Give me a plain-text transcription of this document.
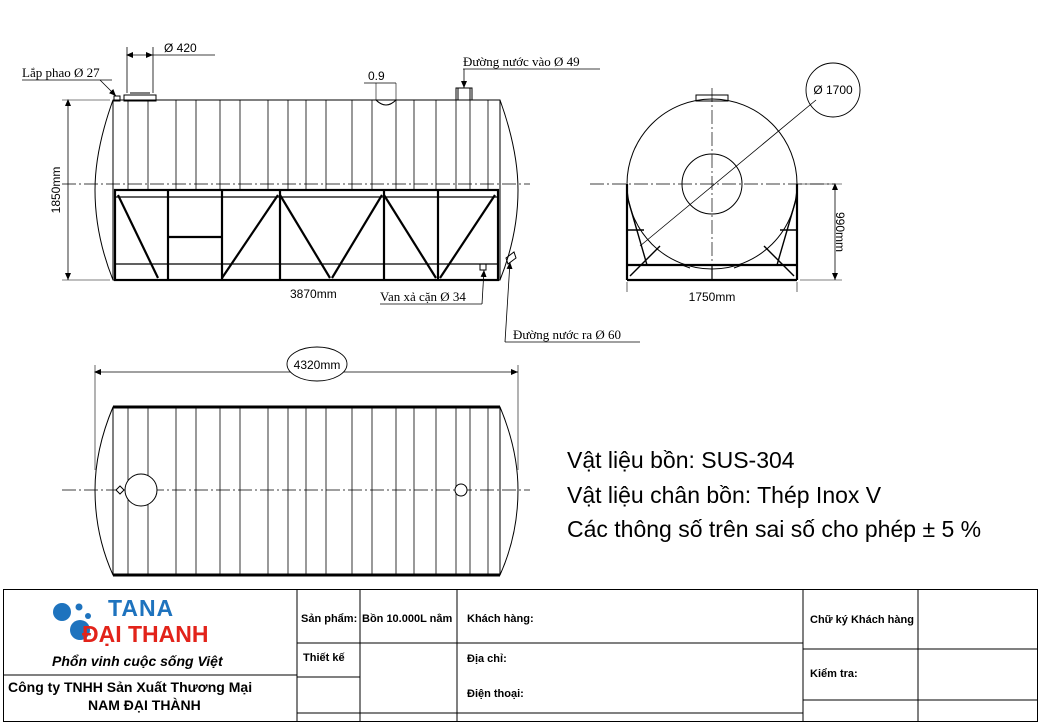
Lắp phao Ø 27
Ø 420
Đường nước vào Ø 49
0.9
1850mm
3870mm	Van xả cặn Ø 34
Đường nước ra Ø 60
Ø 1700
990mm
1750mm
4320mm
Vật liệu bồn: SUS-304
Vật liệu chân bồn: Thép Inox V
Các thông số trên sai số cho phép ± 5 %
TANA
ĐẠI THANH
Phổn vinh cuộc sống Việt
Công ty TNHH Sản Xuất Thương Mại
NAM ĐẠI THÀNH
Sản phẩm: Bồn 10.000L nằm
Thiết kế
Khách hàng:
Địa chỉ:
Điện thoại:
Chữ ký Khách hàng
Kiểm tra:
